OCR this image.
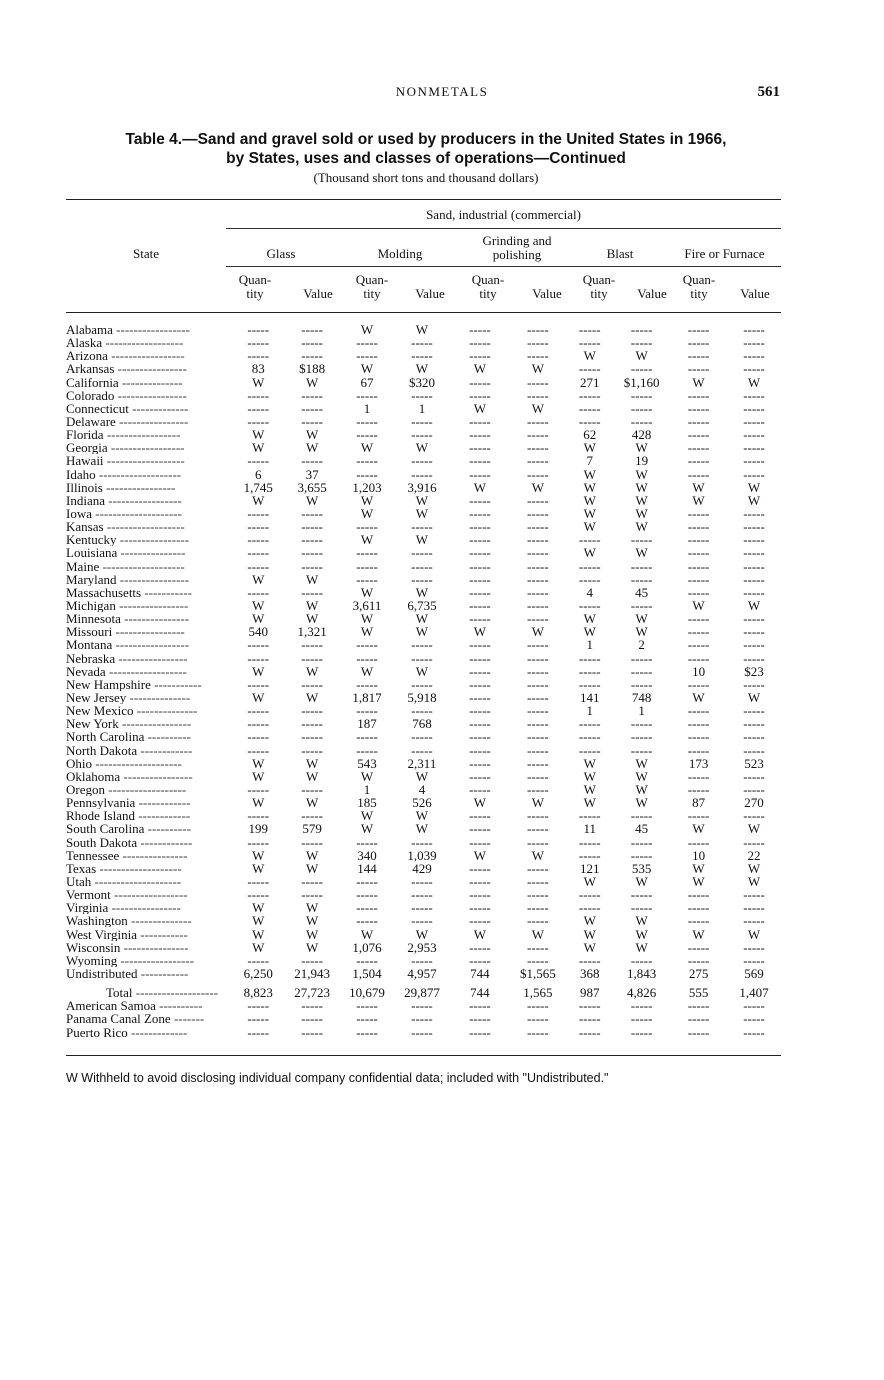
NONMETALS	561
Table 4.—Sand and gravel sold or used by producers in the United States in 1966,
by States, uses and classes of operations—Continued
(Thousand short tons and thousand dollars)
Sand, industrial (commercial)
State	Glass	Molding
Grinding and
polishing	Blast	Fire or Furnace
Quan-
tity	Value
Quan-
tity	Value
Quan-
tity	Value
Quan-
tity	Value
Quan-
tity	Value
Alabama -----------------	-----	-----	W	W	-----	-----	-----	-----	-----	-----
Alaska ------------------	-----	-----	-----	-----	-----	-----	-----	-----	-----	-----
Arizona -----------------	-----	-----	-----	-----	-----	-----	W	W	-----	-----
Arkansas ----------------	83	$188	W	W	W	W	-----	-----	-----	-----
California --------------	W	W	67	$320	-----	-----	271	$1,160	W	W
Colorado ----------------	-----	-----	-----	-----	-----	-----	-----	-----	-----	-----
Connecticut -------------	-----	-----	1	1	W	W	-----	-----	-----	-----
Delaware ----------------	-----	-----	-----	-----	-----	-----	-----	-----	-----	-----
Florida -----------------	W	W	-----	-----	-----	-----	62	428	-----	-----
Georgia -----------------	W	W	W	W	-----	-----	W	W	-----	-----
Hawaii ------------------	-----	-----	-----	-----	-----	-----	7	19	-----	-----
Idaho -------------------	6	37	-----	-----	-----	-----	W	W	-----	-----
Illinois ----------------	1,745	3,655	1,203	3,916	W	W	W	W	W	W
Indiana -----------------	W	W	W	W	-----	-----	W	W	W	W
Iowa --------------------	-----	-----	W	W	-----	-----	W	W	-----	-----
Kansas ------------------	-----	-----	-----	-----	-----	-----	W	W	-----	-----
Kentucky ----------------	-----	-----	W	W	-----	-----	-----	-----	-----	-----
Louisiana ---------------	-----	-----	-----	-----	-----	-----	W	W	-----	-----
Maine -------------------	-----	-----	-----	-----	-----	-----	-----	-----	-----	-----
Maryland ----------------	W	W	-----	-----	-----	-----	-----	-----	-----	-----
Massachusetts -----------	-----	-----	W	W	-----	-----	4	45	-----	-----
Michigan ----------------	W	W	3,611	6,735	-----	-----	-----	-----	W	W
Minnesota ---------------	W	W	W	W	-----	-----	W	W	-----	-----
Missouri ----------------	540	1,321	W	W	W	W	W	W	-----	-----
Montana -----------------	-----	-----	-----	-----	-----	-----	1	2	-----	-----
Nebraska ----------------	-----	-----	-----	-----	-----	-----	-----	-----	-----	-----
Nevada ------------------	W	W	W	W	-----	-----	-----	-----	10	$23
New Hampshire -----------	-----	-----	-----	-----	-----	-----	-----	-----	-----	-----
New Jersey --------------	W	W	1,817	5,918	-----	-----	141	748	W	W
New Mexico --------------	-----	-----	-----	-----	-----	-----	1	1	-----	-----
New York ----------------	-----	-----	187	768	-----	-----	-----	-----	-----	-----
North Carolina ----------	-----	-----	-----	-----	-----	-----	-----	-----	-----	-----
North Dakota ------------	-----	-----	-----	-----	-----	-----	-----	-----	-----	-----
Ohio --------------------	W	W	543	2,311	-----	-----	W	W	173	523
Oklahoma ----------------	W	W	W	W	-----	-----	W	W	-----	-----
Oregon ------------------	-----	-----	1	4	-----	-----	W	W	-----	-----
Pennsylvania ------------	W	W	185	526	W	W	W	W	87	270
Rhode Island ------------	-----	-----	W	W	-----	-----	-----	-----	-----	-----
South Carolina ----------	199	579	W	W	-----	-----	11	45	W	W
South Dakota ------------	-----	-----	-----	-----	-----	-----	-----	-----	-----	-----
Tennessee ---------------	W	W	340	1,039	W	W	-----	-----	10	22
Texas -------------------	W	W	144	429	-----	-----	121	535	W	W
Utah --------------------	-----	-----	-----	-----	-----	-----	W	W	W	W
Vermont -----------------	-----	-----	-----	-----	-----	-----	-----	-----	-----	-----
Virginia ----------------	W	W	-----	-----	-----	-----	-----	-----	-----	-----
Washington --------------	W	W	-----	-----	-----	-----	W	W	-----	-----
West Virginia -----------	W	W	W	W	W	W	W	W	W	W
Wisconsin ---------------	W	W	1,076	2,953	-----	-----	W	W	-----	-----
Wyoming -----------------	-----	-----	-----	-----	-----	-----	-----	-----	-----	-----
Undistributed -----------	6,250	21,943	1,504	4,957	744	$1,565	368	1,843	275	569
Total -------------------	8,823	27,723	10,679	29,877	744	1,565	987	4,826	555	1,407
American Samoa ----------	-----	-----	-----	-----	-----	-----	-----	-----	-----	-----
Panama Canal Zone -------	-----	-----	-----	-----	-----	-----	-----	-----	-----	-----
Puerto Rico -------------	-----	-----	-----	-----	-----	-----	-----	-----	-----	-----
W Withheld to avoid disclosing individual company confidential data; included with "Undistributed."
